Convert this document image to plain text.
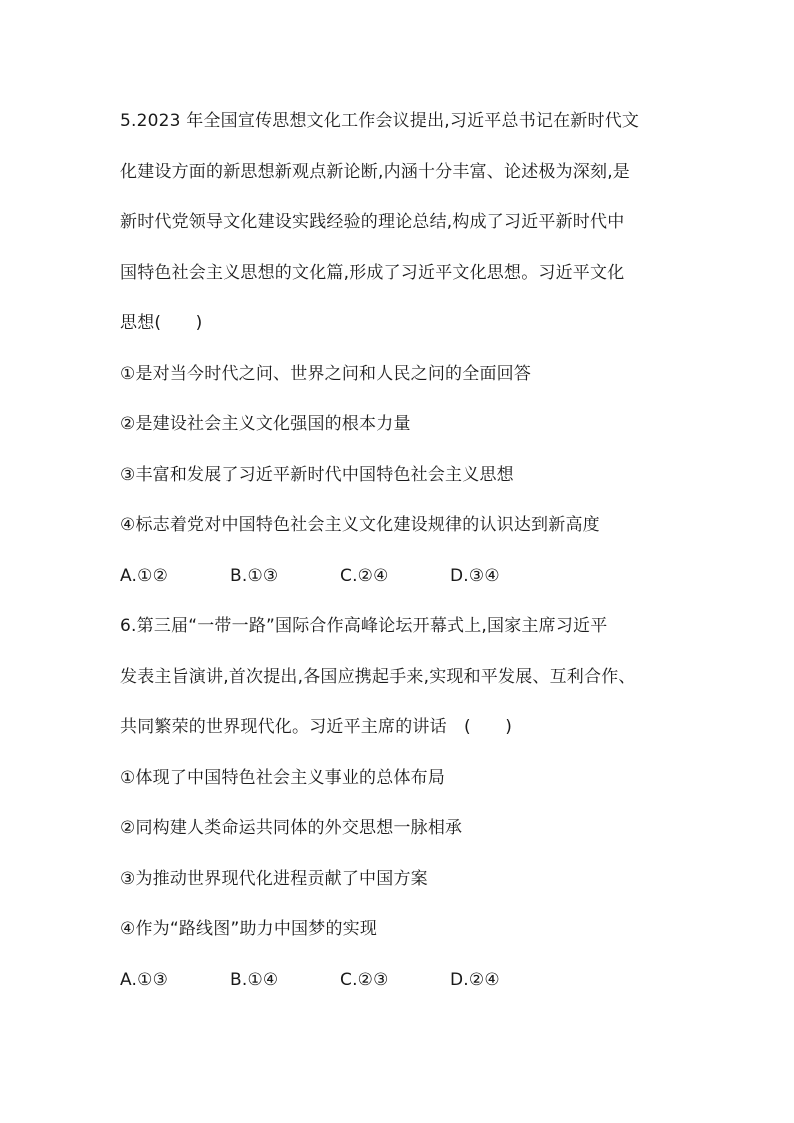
5.2023 年全国宣传思想文化工作会议提出,习近平总书记在新时代文
化建设方面的新思想新观点新论断,内涵十分丰富、论述极为深刻,是
新时代党领导文化建设实践经验的理论总结,构成了习近平新时代中
国特色社会主义思想的文化篇,形成了习近平文化思想。习近平文化
思想(　　)
①是对当今时代之问、世界之问和人民之问的全面回答
②是建设社会主义文化强国的根本力量
③丰富和发展了习近平新时代中国特色社会主义思想
④标志着党对中国特色社会主义文化建设规律的认识达到新高度
A.①②	B.①③	C.②④	D.③④
6.第三届“一带一路”国际合作高峰论坛开幕式上,国家主席习近平
发表主旨演讲,首次提出,各国应携起手来,实现和平发展、互利合作、
共同繁荣的世界现代化。习近平主席的讲话　(　　)
①体现了中国特色社会主义事业的总体布局
②同构建人类命运共同体的外交思想一脉相承
③为推动世界现代化进程贡献了中国方案
④作为“路线图”助力中国梦的实现
A.①③	B.①④	C.②③	D.②④
